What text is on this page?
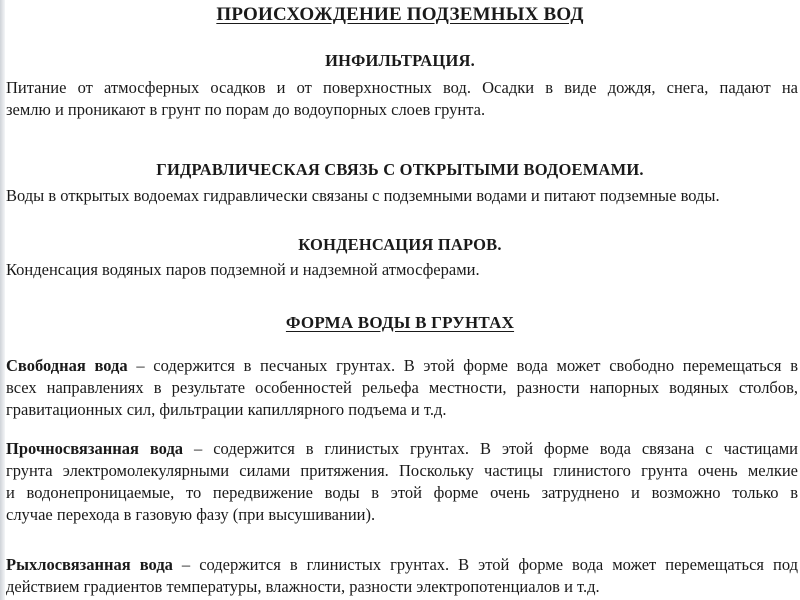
ПРОИСХОЖДЕНИЕ ПОДЗЕМНЫХ ВОД
ИНФИЛЬТРАЦИЯ.
Питание от атмосферных осадков и от поверхностных вод. Осадки в виде дождя, снега, падают на
землю и проникают в грунт по порам до водоупорных слоев грунта.
ГИДРАВЛИЧЕСКАЯ СВЯЗЬ С ОТКРЫТЫМИ ВОДОЕМАМИ.
Воды в открытых водоемах гидравлически связаны с подземными водами и питают подземные воды.
КОНДЕНСАЦИЯ ПАРОВ.
Конденсация водяных паров подземной и надземной атмосферами.
ФОРМА ВОДЫ В ГРУНТАХ
Свободная вода – содержится в песчаных грунтах. В этой форме вода может свободно перемещаться в
всех направлениях в результате особенностей рельефа местности, разности напорных водяных столбов,
гравитационных сил, фильтрации капиллярного подъема и т.д.
Прочносвязанная вода – содержится в глинистых грунтах. В этой форме вода связана с частицами
грунта электромолекулярными силами притяжения. Поскольку частицы глинистого грунта очень мелкие
и водонепроницаемые, то передвижение воды в этой форме очень затруднено и возможно только в
случае перехода в газовую фазу (при высушивании).
Рыхлосвязанная вода – содержится в глинистых грунтах. В этой форме вода может перемещаться под
действием градиентов температуры, влажности, разности электропотенциалов и т.д.
